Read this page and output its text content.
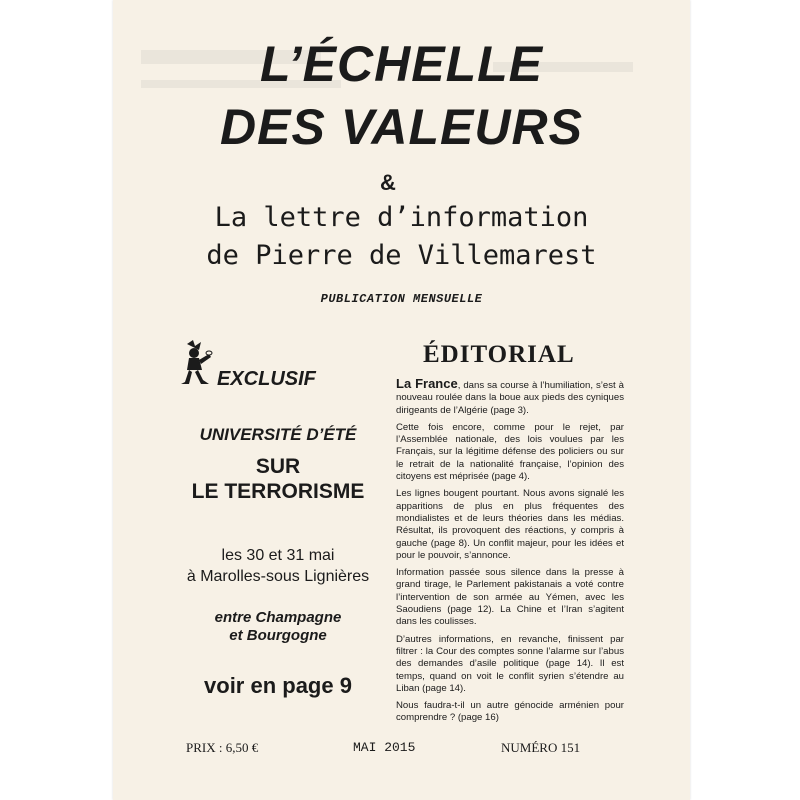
L’ÉCHELLE
DES VALEURS
&
La lettre d’information
de Pierre de Villemarest
PUBLICATION MENSUELLE
EXCLUSIF
UNIVERSITÉ D’ÉTÉ
SUR
LE TERRORISME
les 30 et 31 mai
à Marolles-sous Lignières
entre Champagne
et Bourgogne
voir en page 9
ÉDITORIAL

La France, dans sa course à l’humiliation, s’est à nouveau roulée dans la boue aux pieds des cyniques dirigeants de l’Algérie (page 3).

Cette fois encore, comme pour le rejet, par l’Assemblée nationale, des lois voulues par les Français, sur la légitime défense des policiers ou sur le retrait de la nationalité française, l’opinion des citoyens est méprisée (page 4).

Les lignes bougent pourtant. Nous avons signalé les apparitions de plus en plus fréquentes des mondialistes et de leurs théories dans les médias. Résultat, ils provoquent des réactions, y compris à gauche (page 8). Un conflit majeur, pour les idées et pour le pouvoir, s’annonce.

Information passée sous silence dans la presse à grand tirage, le Parlement pakistanais a voté contre l’intervention de son armée au Yémen, avec les Saoudiens (page 12). La Chine et l’Iran s’agitent dans les coulisses.

D’autres informations, en revanche, finissent par filtrer : la Cour des comptes sonne l’alarme sur l’abus des demandes d’asile politique (page 14). Il est temps, quand on voit le conflit syrien s’étendre au Liban (page 14).

Nous faudra-t-il un autre génocide arménien pour comprendre ? (page 16)

PRIX : 6,50 €	MAI 2015	NUMÉRO 151
